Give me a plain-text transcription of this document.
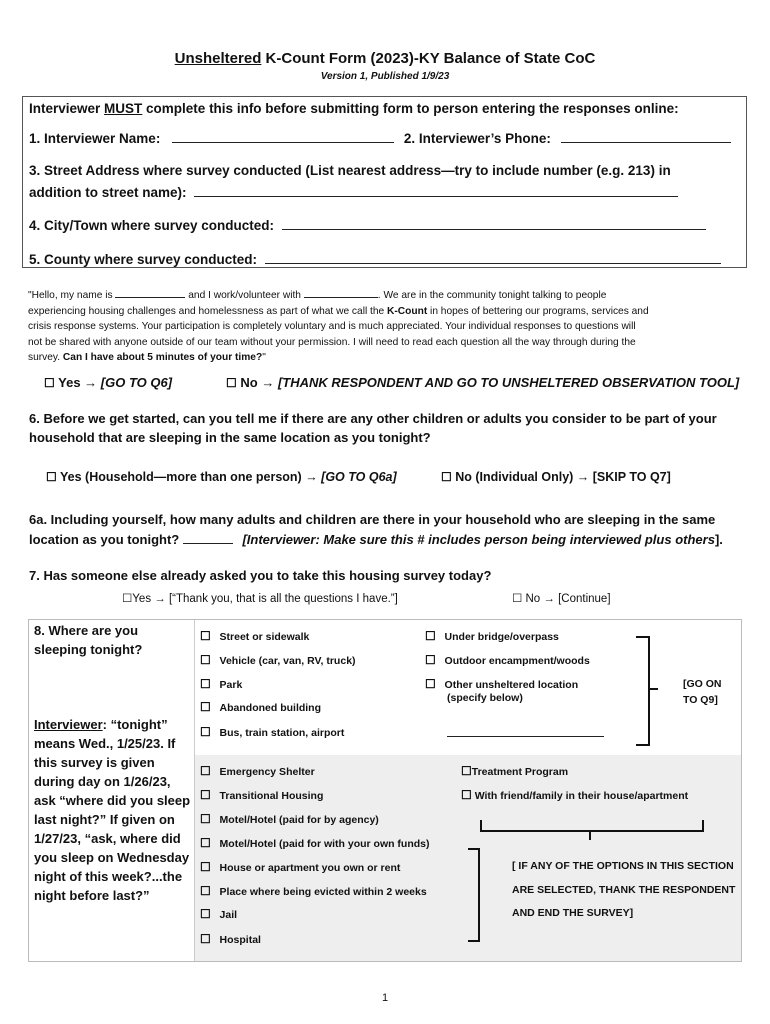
Unsheltered K-Count Form (2023)-KY Balance of State CoC
Version 1, Published 1/9/23
Interviewer MUST complete this info before submitting form to person entering the responses online:
1. Interviewer Name:	2. Interviewer’s Phone:
3. Street Address where survey conducted (List nearest address—try to include number (e.g. 213) in
addition to street name):
4. City/Town where survey conducted:
5. County where survey conducted:
"Hello, my name is	and I work/volunteer with	. We are in the community tonight talking to people
experiencing housing challenges and homelessness as part of what we call the K-Count in hopes of bettering our programs, services and
crisis response systems. Your participation is completely voluntary and is much appreciated. Your individual responses to questions will
not be shared with anyone outside of our team without your permission. I will need to read each question all the way through during the
survey. Can I have about 5 minutes of your time?"
☐ Yes → [GO TO Q6]	☐ No → [THANK RESPONDENT AND GO TO UNSHELTERED OBSERVATION TOOL]
6. Before we get started, can you tell me if there are any other children or adults you consider to be part of your
household that are sleeping in the same location as you tonight?
☐ Yes (Household—more than one person) → [GO TO Q6a]	☐ No (Individual Only) → [SKIP TO Q7]
6a. Including yourself, how many adults and children are there in your household who are sleeping in the same
location as you tonight?	[Interviewer: Make sure this # includes person being interviewed plus others].
7. Has someone else already asked you to take this housing survey today?
☐Yes → [“Thank you, that is all the questions I have.”]	☐ No → [Continue]
8. Where are you
sleeping tonight?
Interviewer: “tonight” means Wed., 1/25/23. If this survey is given during day on 1/26/23, ask “where did you sleep last night?” If given on 1/27/23, “ask, where did you sleep on Wednesday night of this week?...the night before last?”
☐ Street or sidewalk
☐ Vehicle (car, van, RV, truck)
☐ Park
☐ Abandoned building
☐ Bus, train station, airport
☐ Under bridge/overpass
☐ Outdoor encampment/woods
☐ Other unsheltered location
(specify below)
[GO ON
TO Q9]
☐ Emergency Shelter
☐ Transitional Housing
☐ Motel/Hotel (paid for by agency)
☐ Motel/Hotel (paid for with your own funds)
☐ House or apartment you own or rent
☐ Place where being evicted within 2 weeks
☐ Jail
☐ Hospital
☐Treatment Program
☐ With friend/family in their house/apartment
[ IF ANY OF THE OPTIONS IN THIS SECTION
ARE SELECTED, THANK THE RESPONDENT
AND END THE SURVEY]
1
